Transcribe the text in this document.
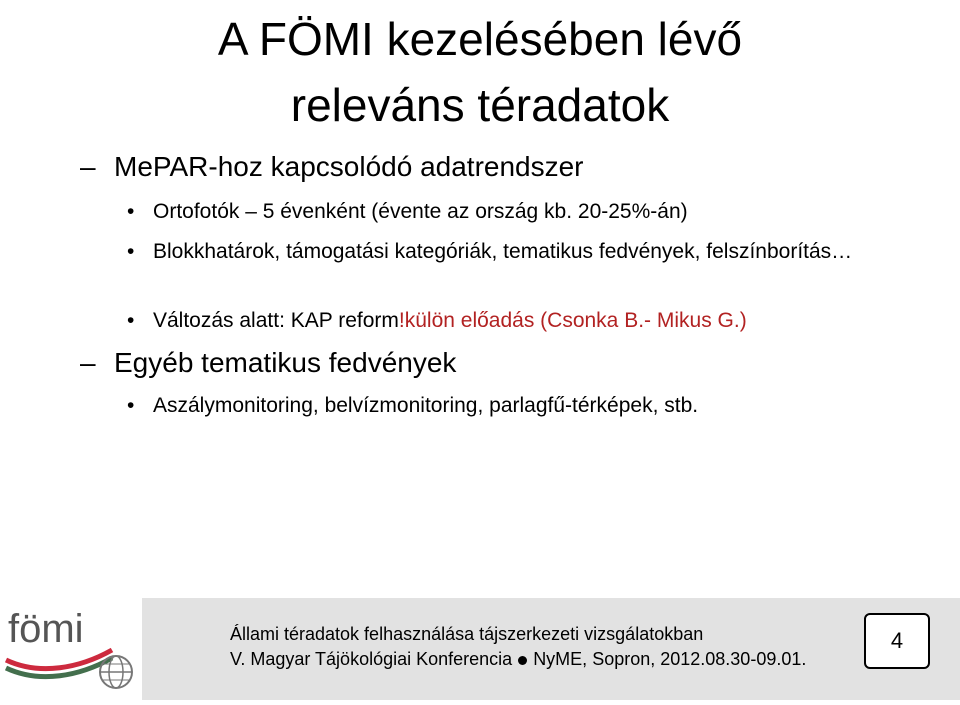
A FÖMI kezelésében lévő
releváns téradatok
– MePAR-hoz kapcsolódó adatrendszer
• Ortofotók – 5 évenként (évente az ország kb. 20-25%-án)
• Blokkhatárok, támogatási kategóriák, tematikus fedvények, felszínborítás…
• Változás alatt: KAP reform!külön előadás (Csonka B.- Mikus G.)
– Egyéb tematikus fedvények
• Aszálymonitoring, belvízmonitoring, parlagfű-térképek, stb.
fömi	Állami téradatok felhasználása tájszerkezeti vizsgálatokban
V. Magyar Tájökológiai Konferencia NyME, Sopron, 2012.08.30-09.01.
4
